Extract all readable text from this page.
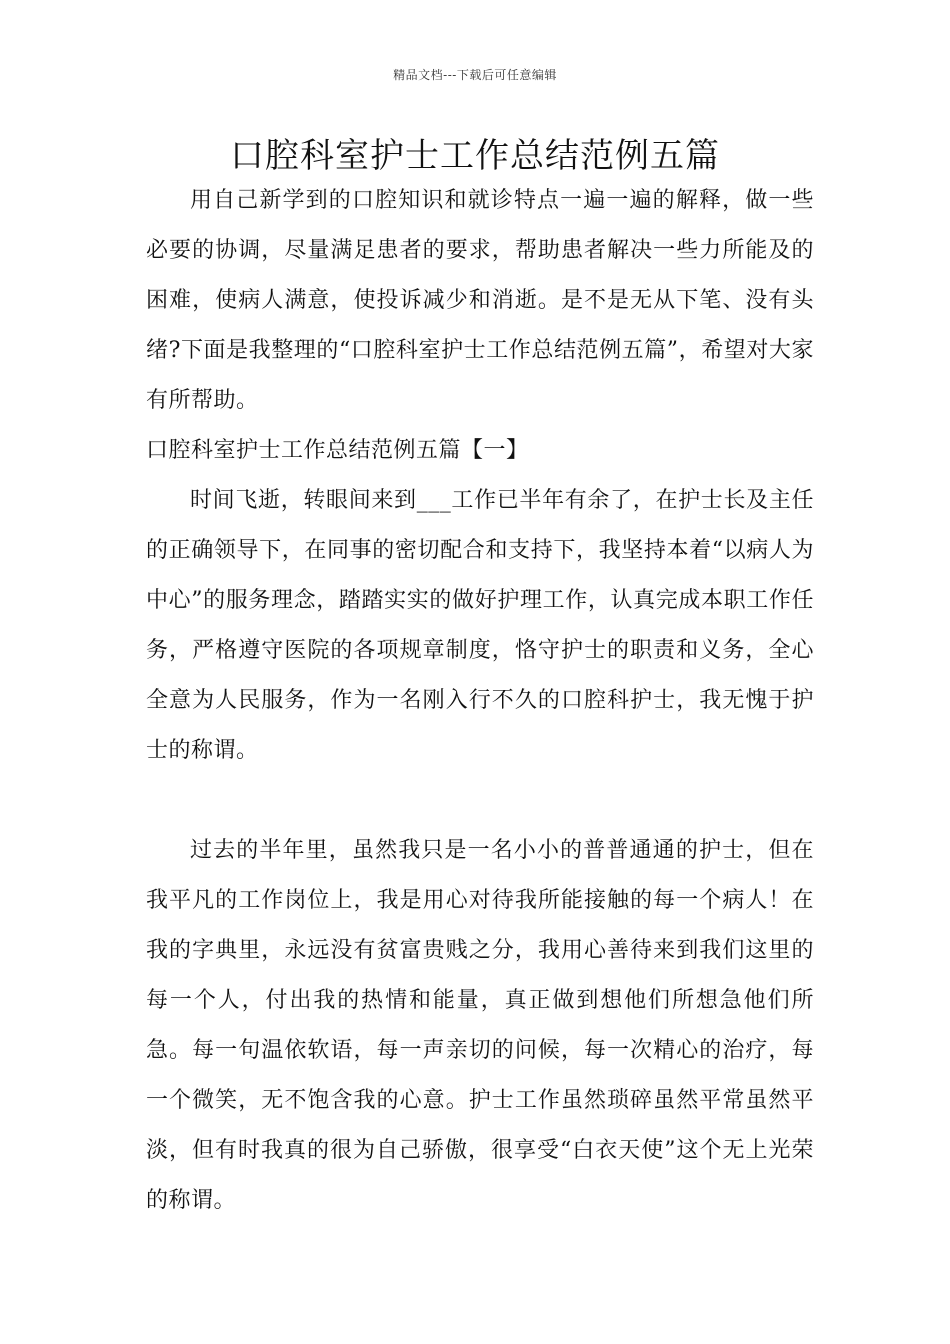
精品文档---下载后可任意编辑
口腔科室护士工作总结范例五篇

用自己新学到的口腔知识和就诊特点一遍一遍的解释，做一些必要的协调，尽量满足患者的要求，帮助患者解决一些力所能及的困难，使病人满意，使投诉减少和消逝。是不是无从下笔、没有头绪?下面是我整理的“口腔科室护士工作总结范例五篇”，希望对大家有所帮助。

口腔科室护士工作总结范例五篇【一】

时间飞逝，转眼间来到___工作已半年有余了，在护士长及主任的正确领导下，在同事的密切配合和支持下，我坚持本着“以病人为中心”的服务理念，踏踏实实的做好护理工作，认真完成本职工作任务，严格遵守医院的各项规章制度，恪守护士的职责和义务，全心全意为人民服务，作为一名刚入行不久的口腔科护士，我无愧于护士的称谓。

过去的半年里，虽然我只是一名小小的普普通通的护士，但在我平凡的工作岗位上，我是用心对待我所能接触的每一个病人！在我的字典里，永远没有贫富贵贱之分，我用心善待来到我们这里的每一个人，付出我的热情和能量，真正做到想他们所想急他们所急。每一句温依软语，每一声亲切的问候，每一次精心的治疗，每一个微笑，无不饱含我的心意。护士工作虽然琐碎虽然平常虽然平淡，但有时我真的很为自己骄傲，很享受“白衣天使”这个无上光荣的称谓。
